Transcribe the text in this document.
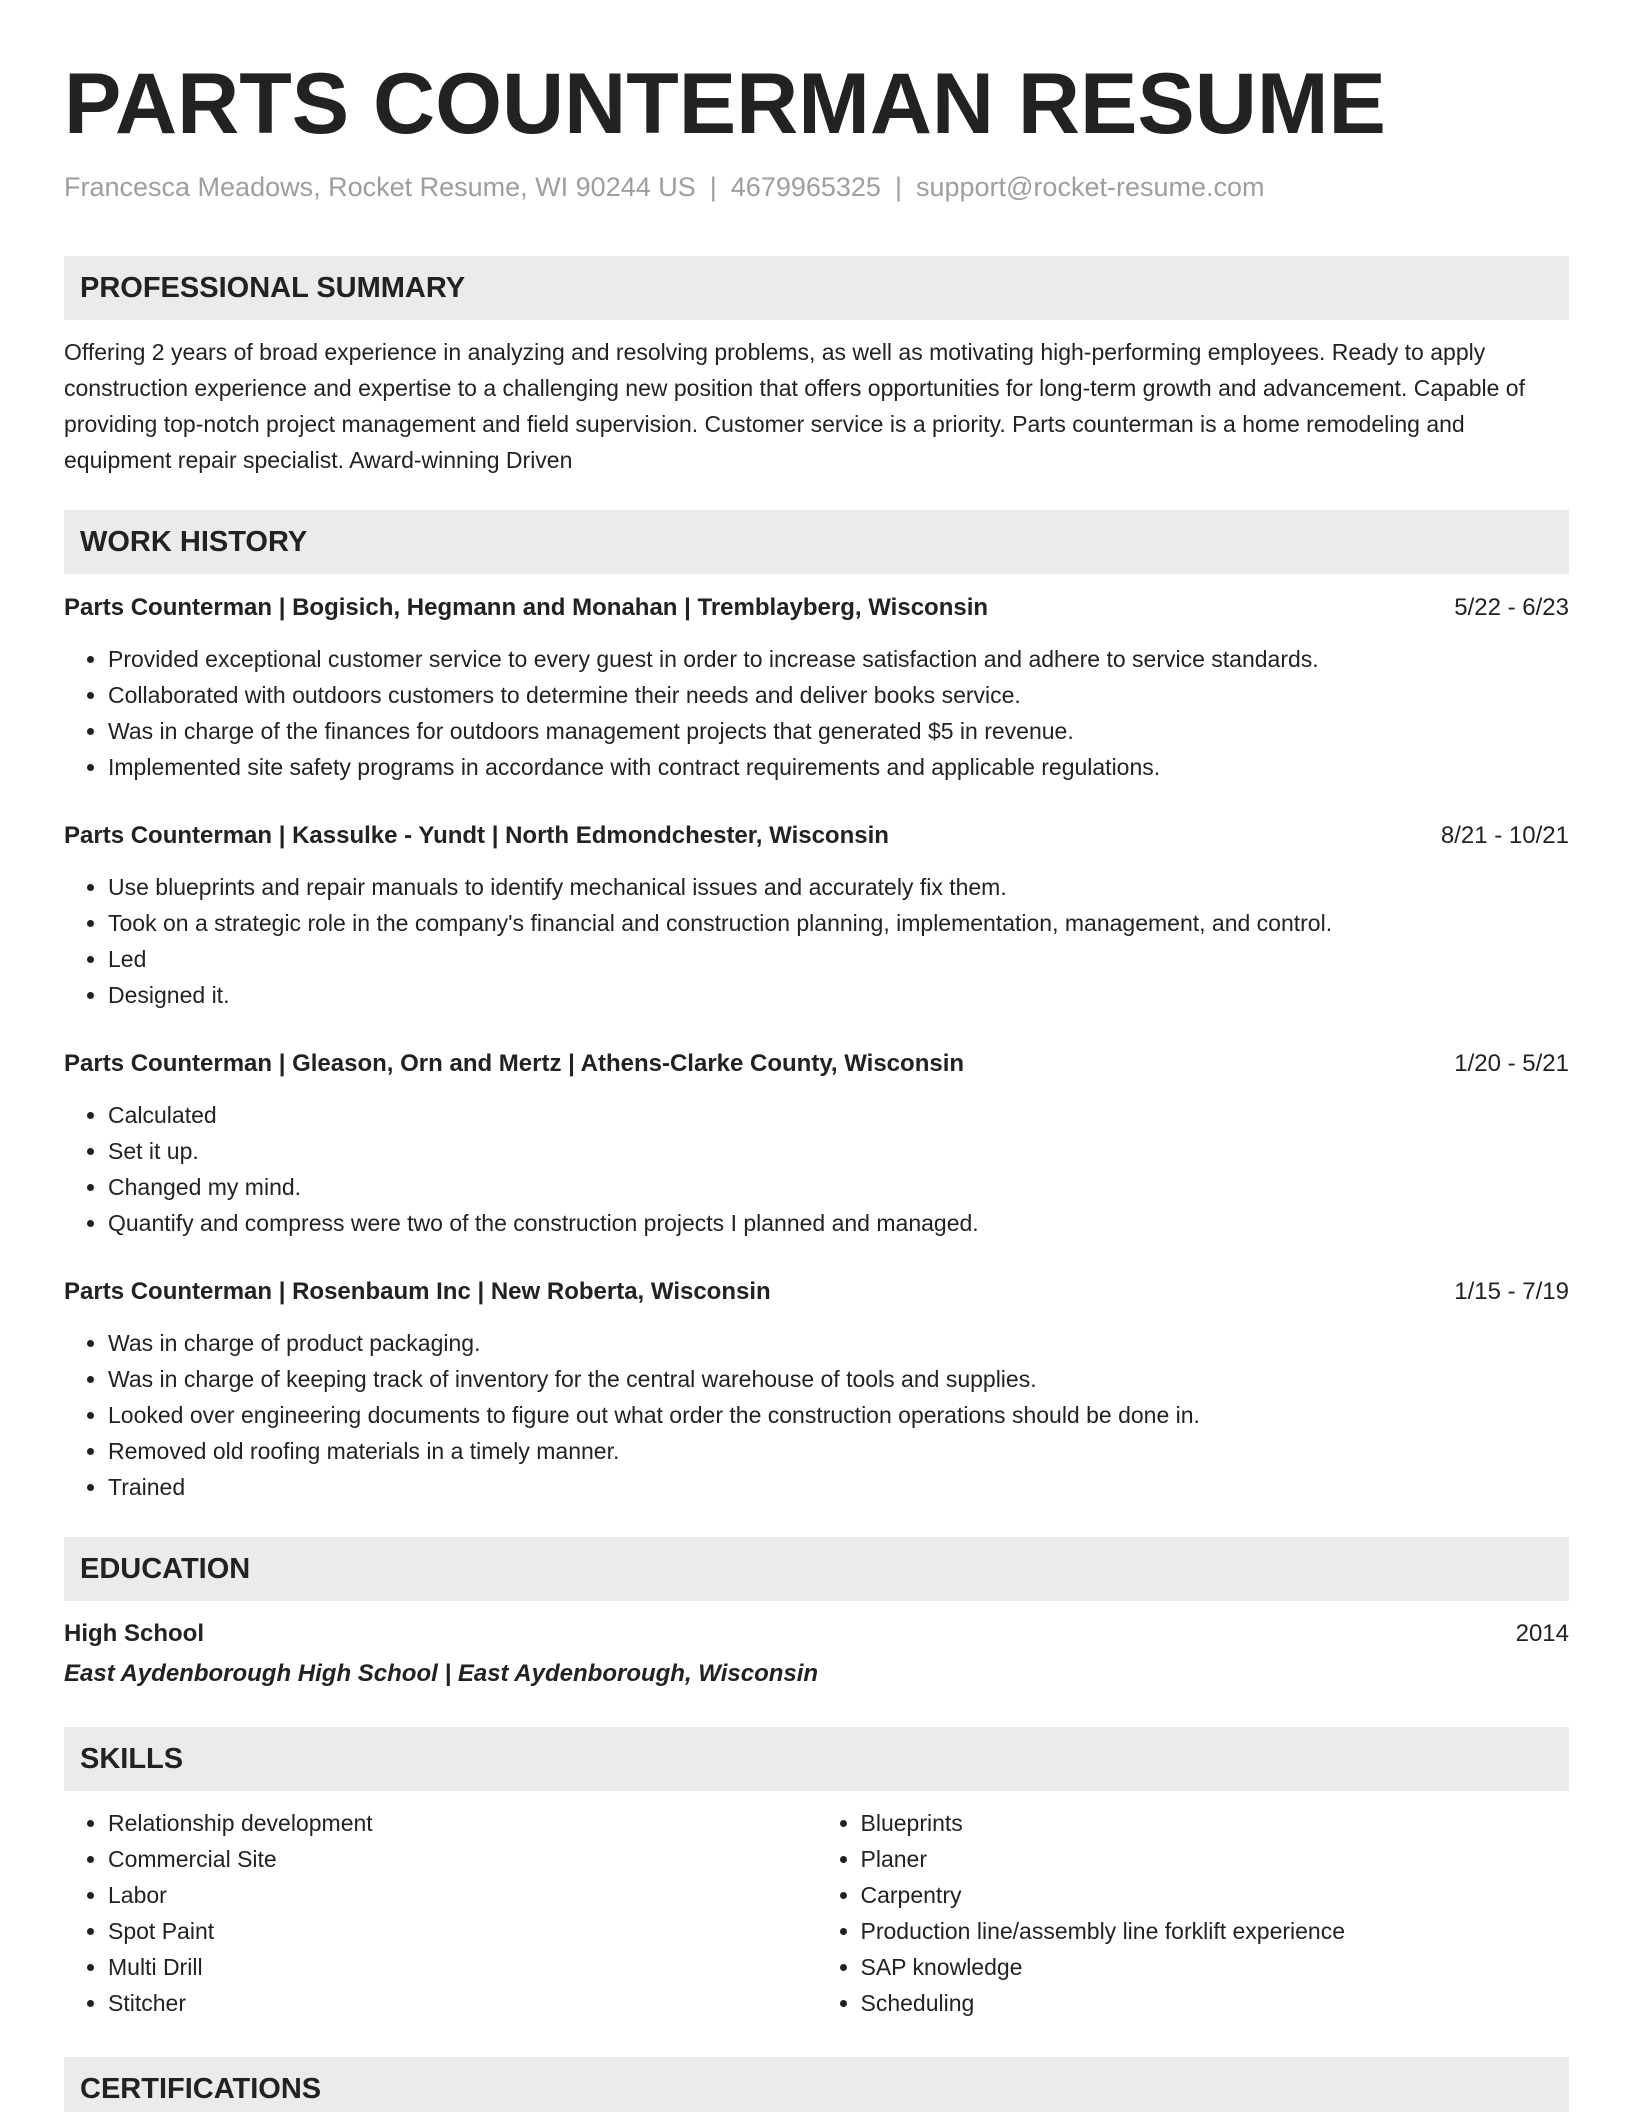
PARTS COUNTERMAN RESUME
Francesca Meadows, Rocket Resume, WI 90244 US | 4679965325 | support@rocket-resume.com
PROFESSIONAL SUMMARY
Offering 2 years of broad experience in analyzing and resolving problems, as well as motivating high-performing employees. Ready to apply construction experience and expertise to a challenging new position that offers opportunities for long-term growth and advancement. Capable of providing top-notch project management and field supervision. Customer service is a priority. Parts counterman is a home remodeling and equipment repair specialist. Award-winning Driven
WORK HISTORY
Parts Counterman | Bogisich, Hegmann and Monahan | Tremblayberg, Wisconsin	5/22 - 6/23
• Provided exceptional customer service to every guest in order to increase satisfaction and adhere to service standards.
• Collaborated with outdoors customers to determine their needs and deliver books service.
• Was in charge of the finances for outdoors management projects that generated $5 in revenue.
• Implemented site safety programs in accordance with contract requirements and applicable regulations.
Parts Counterman | Kassulke - Yundt | North Edmondchester, Wisconsin	8/21 - 10/21
• Use blueprints and repair manuals to identify mechanical issues and accurately fix them.
• Took on a strategic role in the company's financial and construction planning, implementation, management, and control.
• Led
• Designed it.
Parts Counterman | Gleason, Orn and Mertz | Athens-Clarke County, Wisconsin	1/20 - 5/21
• Calculated
• Set it up.
• Changed my mind.
• Quantify and compress were two of the construction projects I planned and managed.
Parts Counterman | Rosenbaum Inc | New Roberta, Wisconsin	1/15 - 7/19
• Was in charge of product packaging.
• Was in charge of keeping track of inventory for the central warehouse of tools and supplies.
• Looked over engineering documents to figure out what order the construction operations should be done in.
• Removed old roofing materials in a timely manner.
• Trained
EDUCATION
High School	2014
East Aydenborough High School | East Aydenborough, Wisconsin
SKILLS
• Relationship development
• Commercial Site
• Labor
• Spot Paint
• Multi Drill
• Stitcher
• Blueprints
• Planer
• Carpentry
• Production line/assembly line forklift experience
• SAP knowledge
• Scheduling
CERTIFICATIONS
